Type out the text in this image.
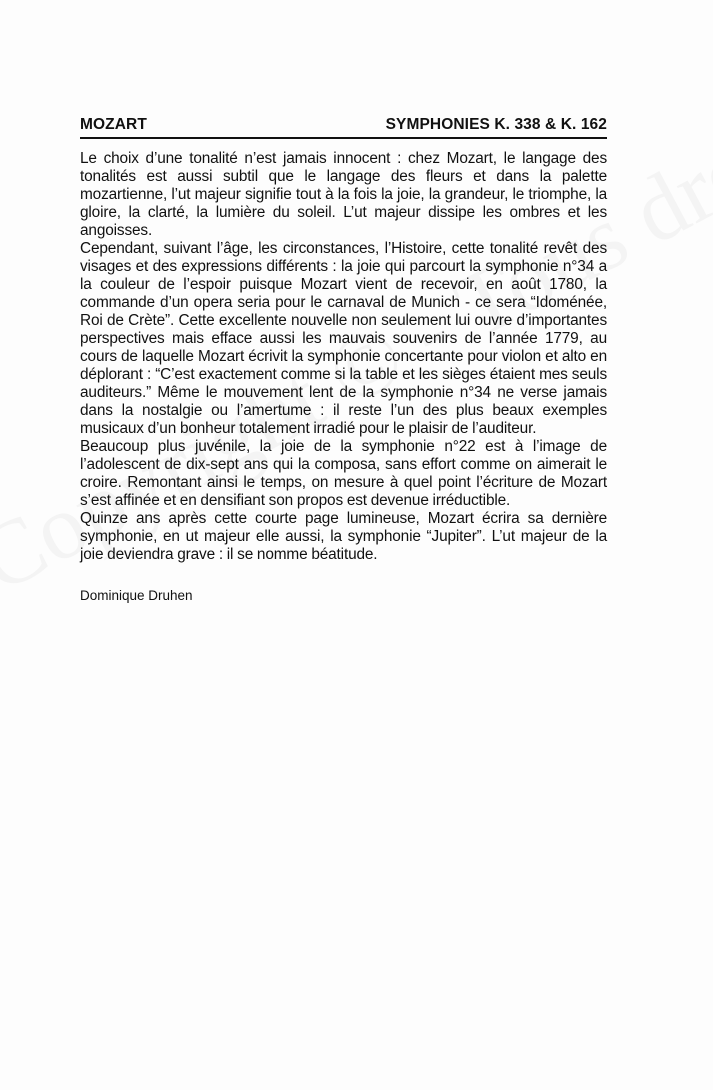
MOZART	SYMPHONIES K. 338 & K. 162

Le choix d’une tonalité n’est jamais innocent : chez Mozart, le langage des tonalités est aussi subtil que le langage des fleurs et dans la palette mozartienne, l’ut majeur signifie tout à la fois la joie, la grandeur, le triomphe, la gloire, la clarté, la lumière du soleil. L’ut majeur dissipe les ombres et les angoisses.

Cependant, suivant l’âge, les circonstances, l’Histoire, cette tonalité revêt des visages et des expressions différents : la joie qui parcourt la symphonie n°34 a la couleur de l’espoir puisque Mozart vient de recevoir, en août 1780, la commande d’un opera seria pour le carnaval de Munich - ce sera “Idoménée, Roi de Crète”. Cette excellente nouvelle non seulement lui ouvre d’importantes perspectives mais efface aussi les mauvais souvenirs de l’année 1779, au cours de laquelle Mozart écrivit la symphonie concertante pour violon et alto en déplorant : “C’est exactement comme si la table et les sièges étaient mes seuls auditeurs.” Même le mouvement lent de la symphonie n°34 ne verse jamais dans la nostalgie ou l’amertume : il reste l’un des plus beaux exemples musicaux d’un bonheur totalement irradié pour le plaisir de l’auditeur.

Beaucoup plus juvénile, la joie de la symphonie n°22 est à l’image de l’adolescent de dix-sept ans qui la composa, sans effort comme on aimerait le croire. Remontant ainsi le temps, on mesure à quel point l’écriture de Mozart s’est affinée et en densifiant son propos est devenue irréductible.

Quinze ans après cette courte page lumineuse, Mozart écrira sa dernière symphonie, en ut majeur elle aussi, la symphonie “Jupiter”. L’ut majeur de la joie deviendra grave : il se nomme béatitude.

Dominique Druhen
